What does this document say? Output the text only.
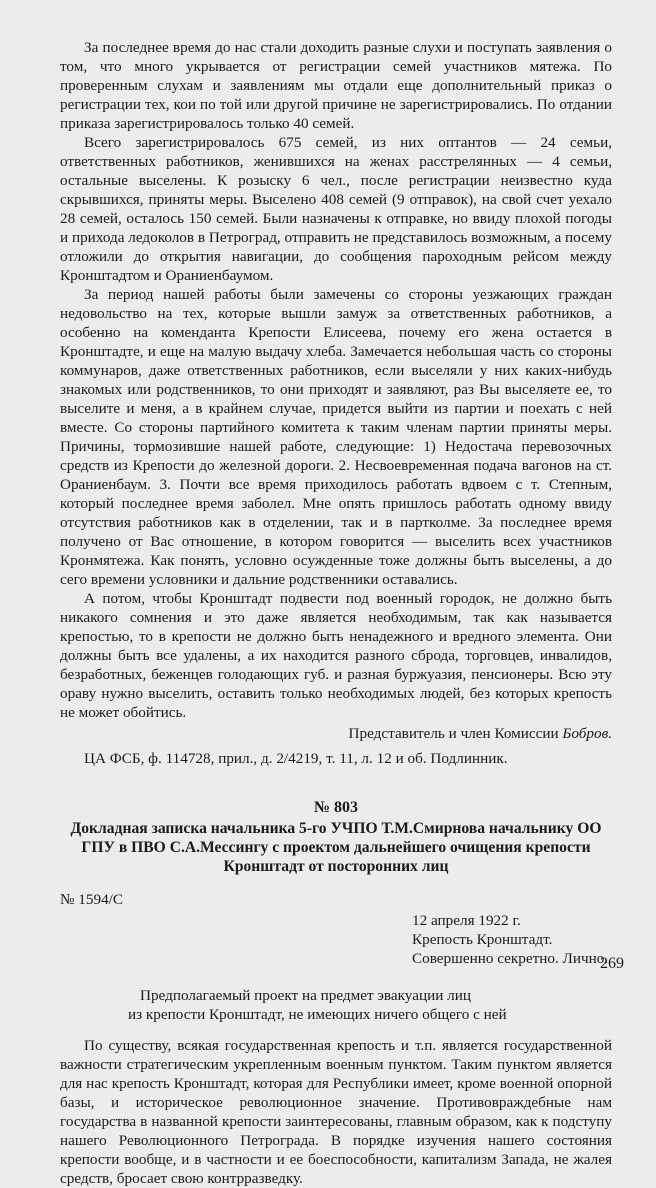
За последнее время до нас стали доходить разные слухи и поступать заявления о том, что много укрывается от регистрации семей участников мятежа. По проверенным слухам и заявлениям мы отдали еще дополнительный приказ о регистрации тех, кои по той или другой причине не зарегистрировались. По отдании приказа зарегистрировалось только 40 семей.

Всего зарегистрировалось 675 семей, из них оптантов — 24 семьи, ответственных работников, женившихся на женах расстрелянных — 4 семьи, остальные выселены. К розыску 6 чел., после регистрации неизвестно куда скрывшихся, приняты меры. Выселено 408 семей (9 отправок), на свой счет уехало 28 семей, осталось 150 семей. Были назначены к отправке, но ввиду плохой погоды и прихода ледоколов в Петроград, отправить не представилось возможным, а посему отложили до открытия навигации, до сообщения пароходным рейсом между Кронштадтом и Ораниенбаумом.

За период нашей работы были замечены со стороны уезжающих граждан недовольство на тех, которые вышли замуж за ответственных работников, а особенно на коменданта Крепости Елисеева, почему его жена остается в Кронштадте, и еще на малую выдачу хлеба. Замечается небольшая часть со стороны коммунаров, даже ответственных работников, если выселяли у них каких-нибудь знакомых или родственников, то они приходят и заявляют, раз Вы выселяете ее, то выселите и меня, а в крайнем случае, придется выйти из партии и поехать с ней вместе. Со стороны партийного комитета к таким членам партии приняты меры. Причины, тормозившие нашей работе, следующие: 1) Недостача перевозочных средств из Крепости до железной дороги. 2. Несвоевременная подача вагонов на ст. Ораниенбаум. 3. Почти все время приходилось работать вдвоем с т. Степным, который последнее время заболел. Мне опять пришлось работать одному ввиду отсутствия работников как в отделении, так и в партколме. За последнее время получено от Вас отношение, в котором говорится — выселить всех участников Кронмятежа. Как понять, условно осужденные тоже должны быть выселены, а до сего времени условники и дальние родственники оставались.

А потом, чтобы Кронштадт подвести под военный городок, не должно быть никакого сомнения и это даже является необходимым, так как называется крепостью, то в крепости не должно быть ненадежного и вредного элемента. Они должны быть все удалены, а их находится разного сброда, торговцев, инвалидов, безработных, беженцев голодающих губ. и разная буржуазия, пенсионеры. Всю эту ораву нужно выселить, оставить только необходимых людей, без которых крепость не может обойтись.

Представитель и член Комиссии Бобров.

ЦА ФСБ, ф. 114728, прил., д. 2/4219, т. 11, л. 12 и об. Подлинник.

№ 803
Докладная записка начальника 5-го УЧПО Т.М.Смирнова начальнику ОО ГПУ в ПВО С.А.Мессингу с проектом дальнейшего очищения крепости Кронштадт от посторонних лиц
№ 1594/С
12 апреля 1922 г.
Крепость Кронштадт.
Совершенно секретно. Лично.
Предполагаемый проект на предмет эвакуации лиц
из крепости Кронштадт, не имеющих ничего общего с ней

По существу, всякая государственная крепость и т.п. является государственной важности стратегическим укрепленным военным пунктом. Таким пунктом является для нас крепость Кронштадт, которая для Республики имеет, кроме военной опорной базы, и историческое революционное значение. Противовраждебные нам государства в названной крепости заинтересованы, главным образом, как к подступу нашего Революционного Петрограда. В порядке изучения нашего состояния крепости вообще, и в частности и ее боеспособности, капитализм Запада, не жалея средств, бросает свою контрразведку.

269
